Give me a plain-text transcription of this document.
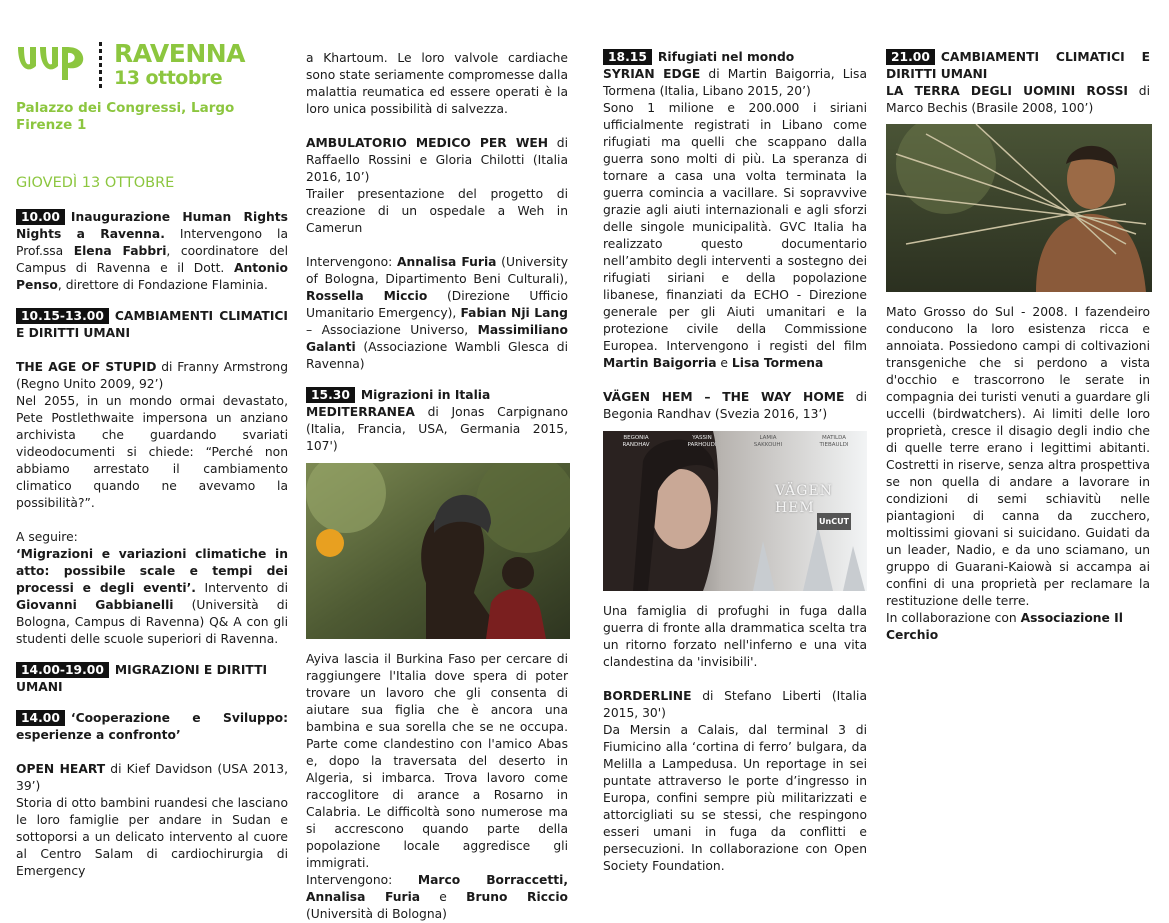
RAVENNA
13 ottobre
Palazzo dei Congressi, Largo Firenze 1
GIOVEDÌ 13 OTTOBRE
10.00 Inaugurazione Human Rights Nights a Ravenna. Intervengono la Prof.ssa Elena Fabbri, coordinatore del Campus di Ravenna e il Dott. Antonio Penso, direttore di Fondazione Flaminia.
10.15-13.00 CAMBIAMENTI CLIMATICI E DIRITTI UMANI
THE AGE OF STUPID di Franny Armstrong (Regno Unito 2009, 92’)
Nel 2055, in un mondo ormai devastato, Pete Postlethwaite impersona un anziano archivista che guardando svariati videodocumenti si chiede: “Perché non abbiamo arrestato il cambiamento climatico quando ne avevamo la possibilità?”.
A seguire:
‘Migrazioni e variazioni climatiche in atto: possibile scale e tempi dei processi e degli eventi’. Intervento di Giovanni Gabbianelli (Università di Bologna, Campus di Ravenna) Q& A con gli studenti delle scuole superiori di Ravenna.
14.00-19.00 MIGRAZIONI E DIRITTI UMANI
14.00 ‘Cooperazione e Sviluppo: esperienze a confronto’
OPEN HEART di Kief Davidson (USA 2013, 39’)
Storia di otto bambini ruandesi che lasciano le loro famiglie per andare in Sudan e sottoporsi a un delicato intervento al cuore al Centro Salam di cardiochirurgia di Emergency
a Khartoum. Le loro valvole cardiache sono state seriamente compromesse dalla malattia reumatica ed essere operati è la loro unica possibilità di salvezza.
AMBULATORIO MEDICO PER WEH di Raffaello Rossini e Gloria Chilotti (Italia 2016, 10’)
Trailer presentazione del progetto di creazione di un ospedale a Weh in Camerun
Intervengono: Annalisa Furia (University of Bologna, Dipartimento Beni Culturali), Rossella Miccio (Direzione Ufficio Umanitario Emergency), Fabian Nji Lang – Associazione Universo, Massimiliano Galanti (Associazione Wambli Glesca di Ravenna)
15.30 Migrazioni in Italia
MEDITERRANEA di Jonas Carpignano (Italia, Francia, USA, Germania 2015, 107')
Ayiva lascia il Burkina Faso per cercare di raggiungere l'Italia dove spera di poter trovare un lavoro che gli consenta di aiutare sua figlia che è ancora una bambina e sua sorella che se ne occupa. Parte come clandestino con l'amico Abas e, dopo la traversata del deserto in Algeria, si imbarca. Trova lavoro come raccoglitore di arance a Rosarno in Calabria. Le difficoltà sono numerose ma si accrescono quando parte della popolazione locale aggredisce gli immigrati.
Intervengono: Marco Borraccetti, Annalisa Furia e Bruno Riccio (Università di Bologna)
18.15 Rifugiati nel mondo
SYRIAN EDGE di Martin Baigorria, Lisa Tormena (Italia, Libano 2015, 20’)
Sono 1 milione e 200.000 i siriani ufficialmente registrati in Libano come rifugiati ma quelli che scappano dalla guerra sono molti di più. La speranza di tornare a casa una volta terminata la guerra comincia a vacillare. Si sopravvive grazie agli aiuti internazionali e agli sforzi delle singole municipalità. GVC Italia ha realizzato questo documentario nell’ambito degli interventi a sostegno dei rifugiati siriani e della popolazione libanese, finanziati da ECHO - Direzione generale per gli Aiuti umanitari e la protezione civile della Commissione Europea. Intervengono i registi del film Martin Baigorria e Lisa Tormena
VÄGEN HEM – THE WAY HOME di Begonia Randhav (Svezia 2016, 13’)
BEGONIA RANDHAV
YASSIN PARHOUDI
LAMIA SAKKOUHI
MATILDA TIEBAULDI
VÄGEN HEM
UnCUT
Una famiglia di profughi in fuga dalla guerra di fronte alla drammatica scelta tra un ritorno forzato nell'inferno e una vita clandestina da 'invisibili'.
BORDERLINE di Stefano Liberti (Italia 2015, 30')
Da Mersin a Calais, dal terminal 3 di Fiumicino alla ‘cortina di ferro’ bulgara, da Melilla a Lampedusa. Un reportage in sei puntate attraverso le porte d’ingresso in Europa, confini sempre più militarizzati e attorcigliati su se stessi, che respingono esseri umani in fuga da conflitti e persecuzioni. In collaborazione con Open Society Foundation.
21.00 CAMBIAMENTI CLIMATICI E DIRITTI UMANI
LA TERRA DEGLI UOMINI ROSSI di Marco Bechis (Brasile 2008, 100’)
Mato Grosso do Sul - 2008. I fazendeiro conducono la loro esistenza ricca e annoiata. Possiedono campi di coltivazioni transgeniche che si perdono a vista d'occhio e trascorrono le serate in compagnia dei turisti venuti a guardare gli uccelli (birdwatchers). Ai limiti delle loro proprietà, cresce il disagio degli indio che di quelle terre erano i legittimi abitanti. Costretti in riserve, senza altra prospettiva se non quella di andare a lavorare in condizioni di semi schiavitù nelle piantagioni di canna da zucchero, moltissimi giovani si suicidano. Guidati da un leader, Nadio, e da uno sciamano, un gruppo di Guarani-Kaiowà si accampa ai confini di una proprietà per reclamare la restituzione delle terre.
In collaborazione con Associazione Il Cerchio
